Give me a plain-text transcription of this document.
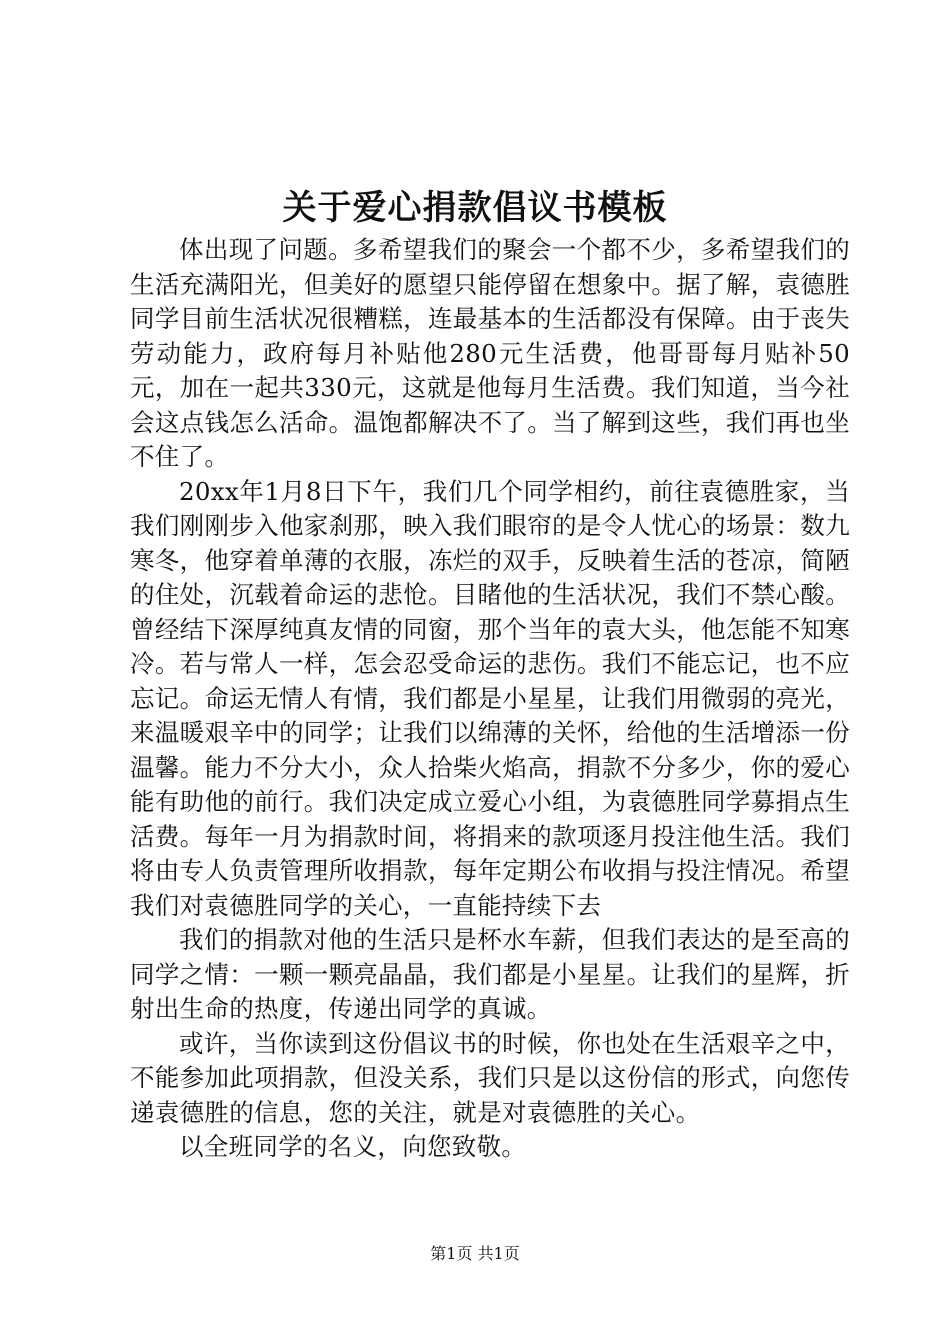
关于爱心捐款倡议书模板

体出现了问题。多希望我们的聚会一个都不少，多希望我们的生活充满阳光，但美好的愿望只能停留在想象中。据了解，袁德胜同学目前生活状况很糟糕，连最基本的生活都没有保障。由于丧失劳动能力，政府每月补贴他280元生活费，他哥哥每月贴补50元，加在一起共330元，这就是他每月生活费。我们知道，当今社会这点钱怎么活命。温饱都解决不了。当了解到这些，我们再也坐不住了。

20xx年1月8日下午，我们几个同学相约，前往袁德胜家，当我们刚刚步入他家刹那，映入我们眼帘的是令人忧心的场景：数九寒冬，他穿着单薄的衣服，冻烂的双手，反映着生活的苍凉，简陋的住处，沉载着命运的悲怆。目睹他的生活状况，我们不禁心酸。曾经结下深厚纯真友情的同窗，那个当年的袁大头，他怎能不知寒冷。若与常人一样，怎会忍受命运的悲伤。我们不能忘记，也不应忘记。命运无情人有情，我们都是小星星，让我们用微弱的亮光，来温暖艰辛中的同学；让我们以绵薄的关怀，给他的生活增添一份温馨。能力不分大小，众人拾柴火焰高，捐款不分多少，你的爱心能有助他的前行。我们决定成立爱心小组，为袁德胜同学募捐点生活费。每年一月为捐款时间，将捐来的款项逐月投注他生活。我们将由专人负责管理所收捐款，每年定期公布收捐与投注情况。希望我们对袁德胜同学的关心，一直能持续下去

我们的捐款对他的生活只是杯水车薪，但我们表达的是至高的同学之情：一颗一颗亮晶晶，我们都是小星星。让我们的星辉，折射出生命的热度，传递出同学的真诚。

或许，当你读到这份倡议书的时候，你也处在生活艰辛之中，不能参加此项捐款，但没关系，我们只是以这份信的形式，向您传递袁德胜的信息，您的关注，就是对袁德胜的关心。

以全班同学的名义，向您致敬。

第1页 共1页
